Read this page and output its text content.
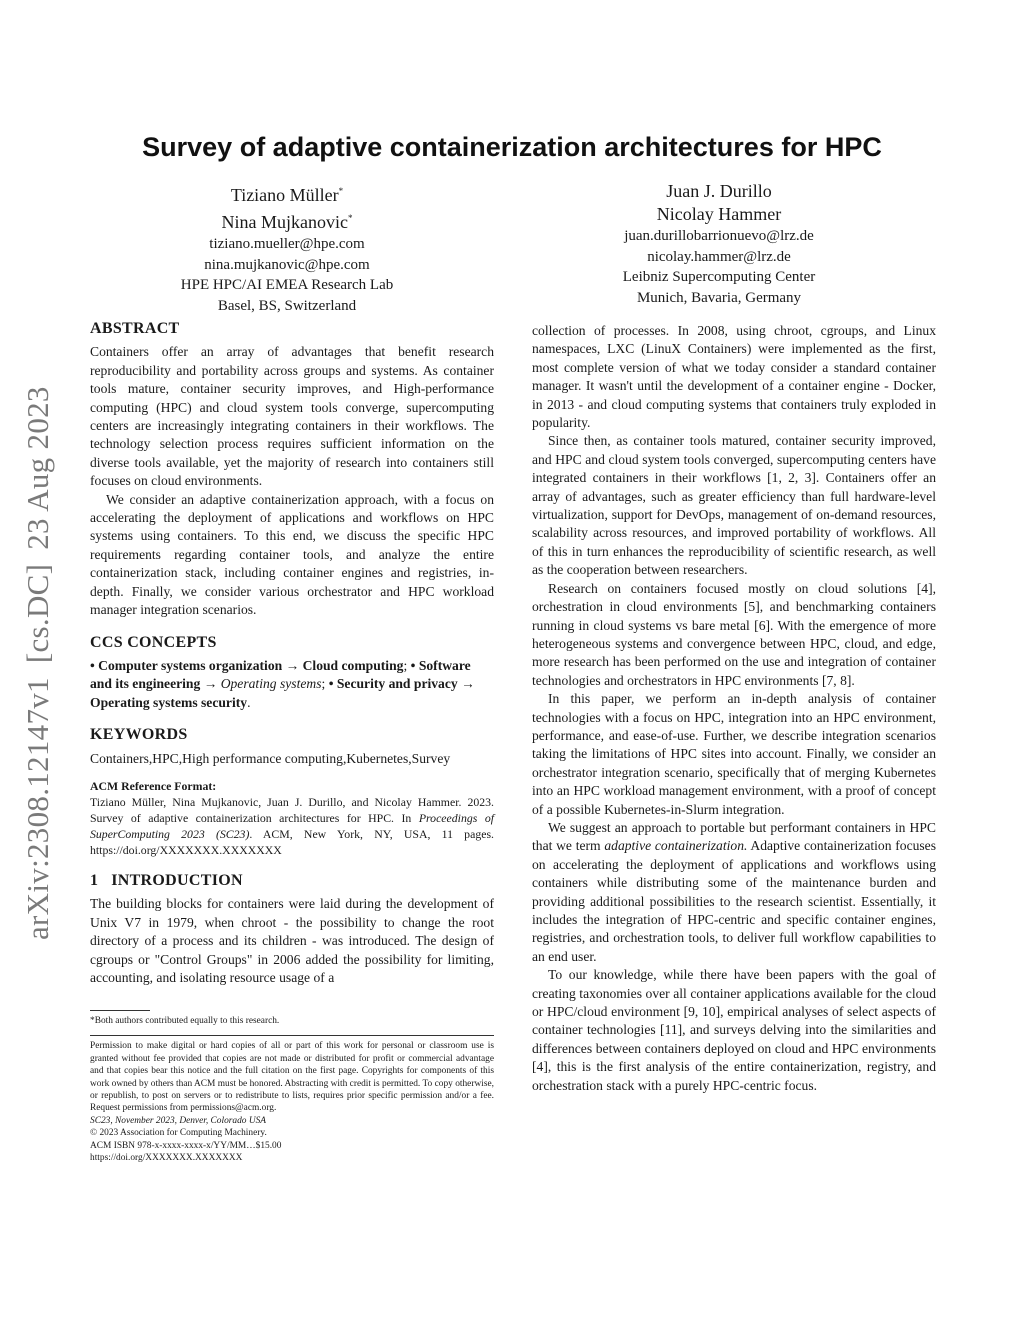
arXiv:2308.12147v1[cs.DC]23 Aug 2023
Survey of adaptive containerization architectures for HPC
Tiziano Müller*
Nina Mujkanovic*
tiziano.mueller@hpe.com
nina.mujkanovic@hpe.com
HPE HPC/AI EMEA Research Lab
Basel, BS, Switzerland
Juan J. Durillo
Nicolay Hammer
juan.durillobarrionuevo@lrz.de
nicolay.hammer@lrz.de
Leibniz Supercomputing Center
Munich, Bavaria, Germany
ABSTRACT

Containers offer an array of advantages that benefit research reproducibility and portability across groups and systems. As container tools mature, container security improves, and High-performance computing (HPC) and cloud system tools converge, supercomputing centers are increasingly integrating containers in their workflows. The technology selection process requires sufficient information on the diverse tools available, yet the majority of research into containers still focuses on cloud environments.

We consider an adaptive containerization approach, with a focus on accelerating the deployment of applications and workflows on HPC systems using containers. To this end, we discuss the specific HPC requirements regarding container tools, and analyze the entire containerization stack, including container engines and registries, in-depth. Finally, we consider various orchestrator and HPC workload manager integration scenarios.

CCS CONCEPTS

• Computer systems organization → Cloud computing; • Software and its engineering → Operating systems; • Security and privacy → Operating systems security.

KEYWORDS

Containers,HPC,High performance computing,Kubernetes,Survey

ACM Reference Format:

Tiziano Müller, Nina Mujkanovic, Juan J. Durillo, and Nicolay Hammer. 2023. Survey of adaptive containerization architectures for HPC. In Proceedings of SuperComputing 2023 (SC23). ACM, New York, NY, USA, 11 pages. https://doi.org/XXXXXXX.XXXXXXX

1   INTRODUCTION

The building blocks for containers were laid during the development of Unix V7 in 1979, when chroot - the possibility to change the root directory of a process and its children - was introduced. The design of cgroups or "Control Groups" in 2006 added the possibility for limiting, accounting, and isolating resource usage of a

*Both authors contributed equally to this research.

Permission to make digital or hard copies of all or part of this work for personal or classroom use is granted without fee provided that copies are not made or distributed for profit or commercial advantage and that copies bear this notice and the full citation on the first page. Copyrights for components of this work owned by others than ACM must be honored. Abstracting with credit is permitted. To copy otherwise, or republish, to post on servers or to redistribute to lists, requires prior specific permission and/or a fee. Request permissions from permissions@acm.org.

SC23, November 2023, Denver, Colorado USA

© 2023 Association for Computing Machinery.

ACM ISBN 978-x-xxxx-xxxx-x/YY/MM…$15.00

https://doi.org/XXXXXXX.XXXXXXX

collection of processes. In 2008, using chroot, cgroups, and Linux namespaces, LXC (LinuX Containers) were implemented as the first, most complete version of what we today consider a standard container manager. It wasn't until the development of a container engine - Docker, in 2013 - and cloud computing systems that containers truly exploded in popularity.

Since then, as container tools matured, container security improved, and HPC and cloud system tools converged, supercomputing centers have integrated containers in their workflows [1, 2, 3]. Containers offer an array of advantages, such as greater efficiency than full hardware-level virtualization, support for DevOps, management of on-demand resources, scalability across resources, and improved portability of workflows. All of this in turn enhances the reproducibility of scientific research, as well as the cooperation between researchers.

Research on containers focused mostly on cloud solutions [4], orchestration in cloud environments [5], and benchmarking containers running in cloud systems vs bare metal [6]. With the emergence of more heterogeneous systems and convergence between HPC, cloud, and edge, more research has been performed on the use and integration of container technologies and orchestrators in HPC environments [7, 8].

In this paper, we perform an in-depth analysis of container technologies with a focus on HPC, integration into an HPC environment, performance, and ease-of-use. Further, we describe integration scenarios taking the limitations of HPC sites into account. Finally, we consider an orchestrator integration scenario, specifically that of merging Kubernetes into an HPC workload management environment, with a proof of concept of a possible Kubernetes-in-Slurm integration.

We suggest an approach to portable but performant containers in HPC that we term adaptive containerization. Adaptive containerization focuses on accelerating the deployment of applications and workflows using containers while distributing some of the maintenance burden and providing additional possibilities to the research scientist. Essentially, it includes the integration of HPC-centric and specific container engines, registries, and orchestration tools, to deliver full workflow capabilities to an end user.

To our knowledge, while there have been papers with the goal of creating taxonomies over all container applications available for the cloud or HPC/cloud environment [9, 10], empirical analyses of select aspects of container technologies [11], and surveys delving into the similarities and differences between containers deployed on cloud and HPC environments [4], this is the first analysis of the entire containerization, registry, and orchestration stack with a purely HPC-centric focus.
